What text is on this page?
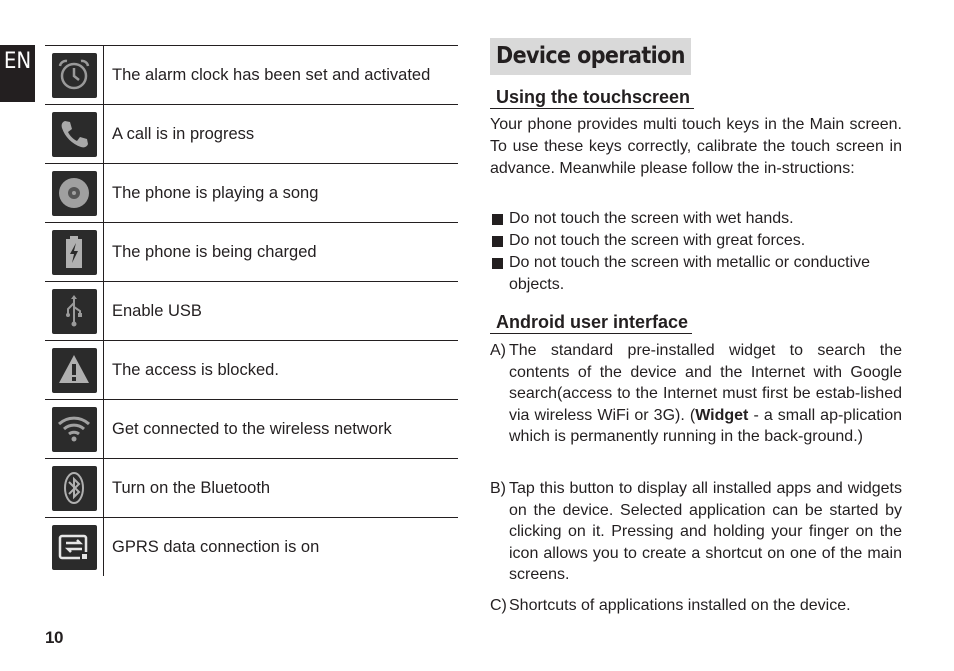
EN
The alarm clock has been set and activated
A call is in progress
The phone is playing a song
The phone is being charged
Enable USB
The access is blocked.
Get connected to the wireless network
Turn on the Bluetooth
GPRS data connection is on
Device operation
Using the touchscreen
Your phone provides multi touch keys in the Main screen. To use these keys correctly, calibrate the touch screen in advance. Meanwhile please follow the in-structions:
Do not touch the screen with wet hands.
Do not touch the screen with great forces.
Do not touch the screen with metallic or conductive objects.
Android user interface
A) The standard pre-installed widget to search the contents of the device and the Internet with Google search(access to the Internet must first be estab-lished via wireless WiFi or 3G). (Widget - a small ap-plication which is permanently running in the back-ground.)
B) Tap this button to display all installed apps and widgets on the device. Selected application can be started by clicking on it. Pressing and holding your finger on the icon allows you to create a shortcut on one of the main screens.
C) Shortcuts of applications installed on the device.
10
